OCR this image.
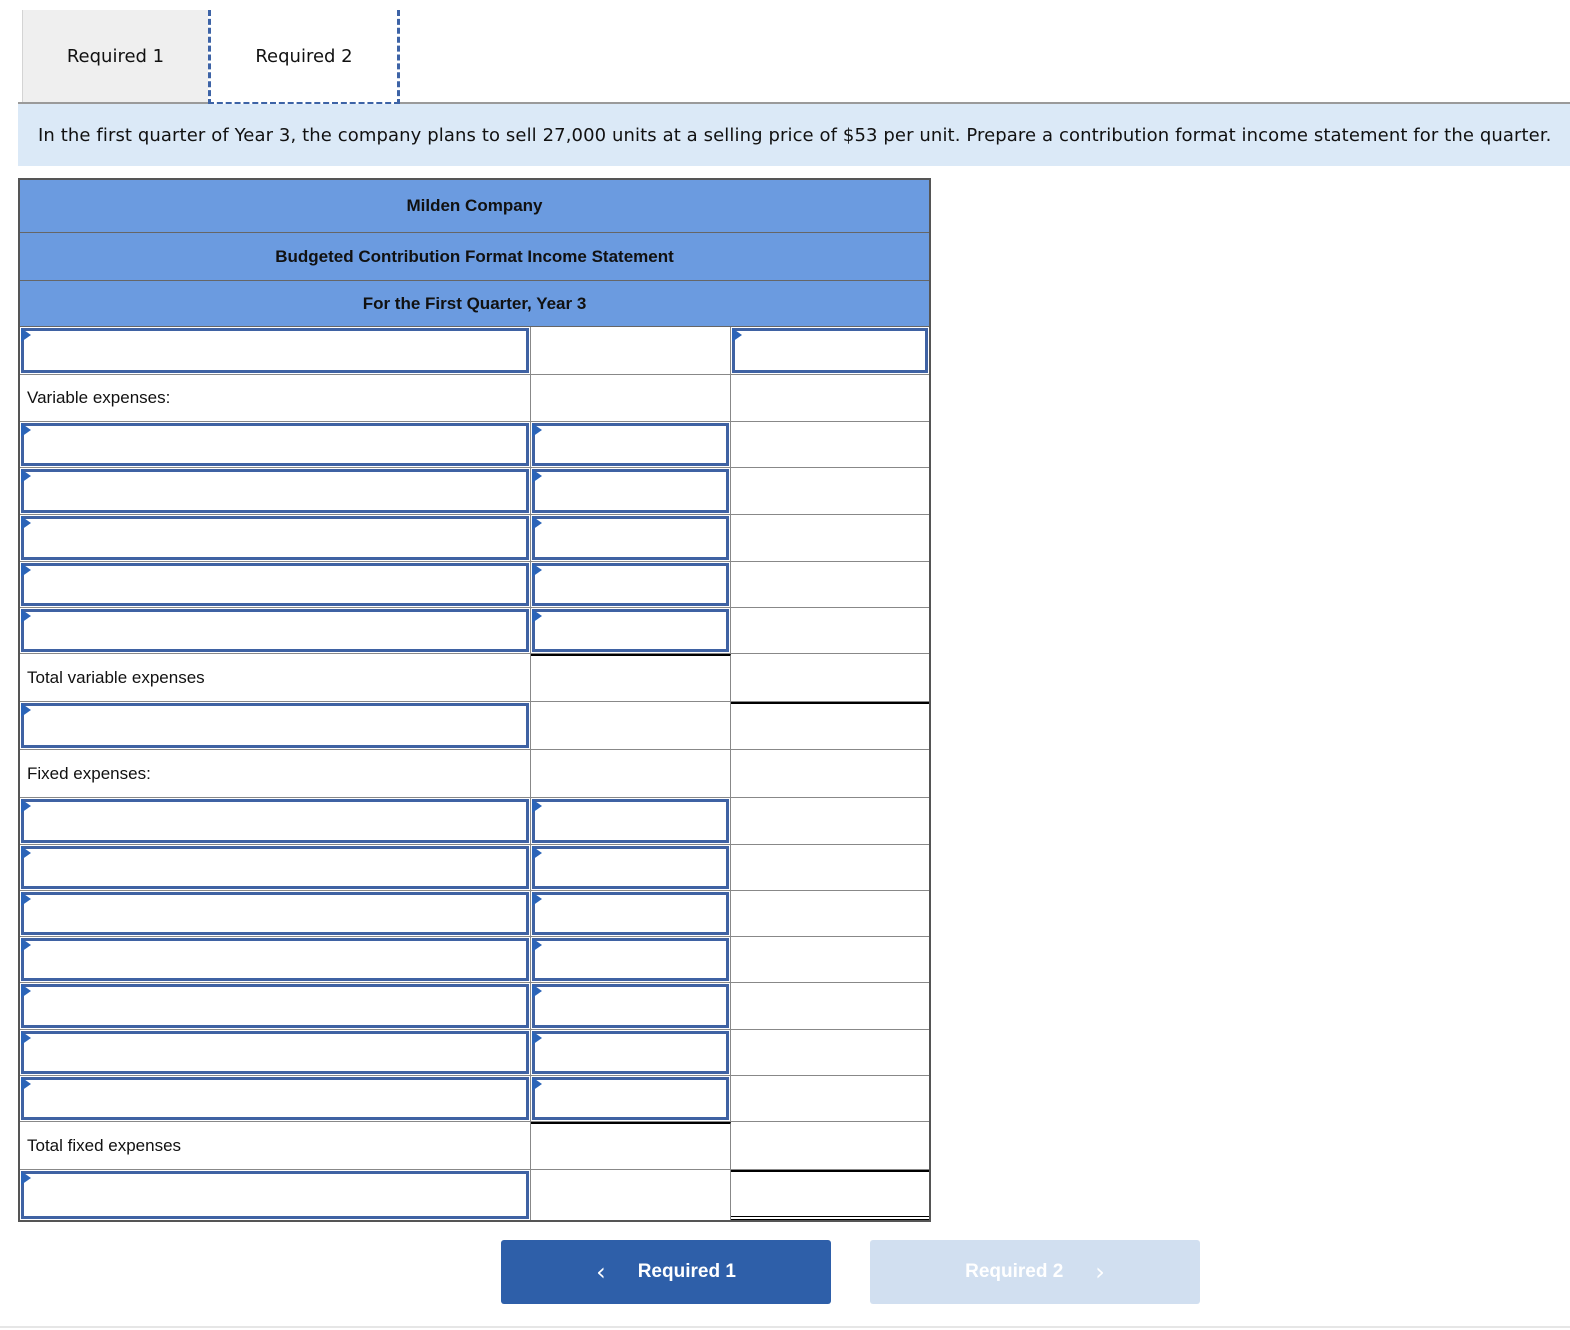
Required 1	Required 2
In the first quarter of Year 3, the company plans to sell 27,000 units at a selling price of $53 per unit. Prepare a contribution format income statement for the quarter.
Milden Company
Budgeted Contribution Format Income Statement
For the First Quarter, Year 3
Variable expenses:
Total variable expenses
Fixed expenses:
Total fixed expenses
‹ Required 1	Required 2 ›
